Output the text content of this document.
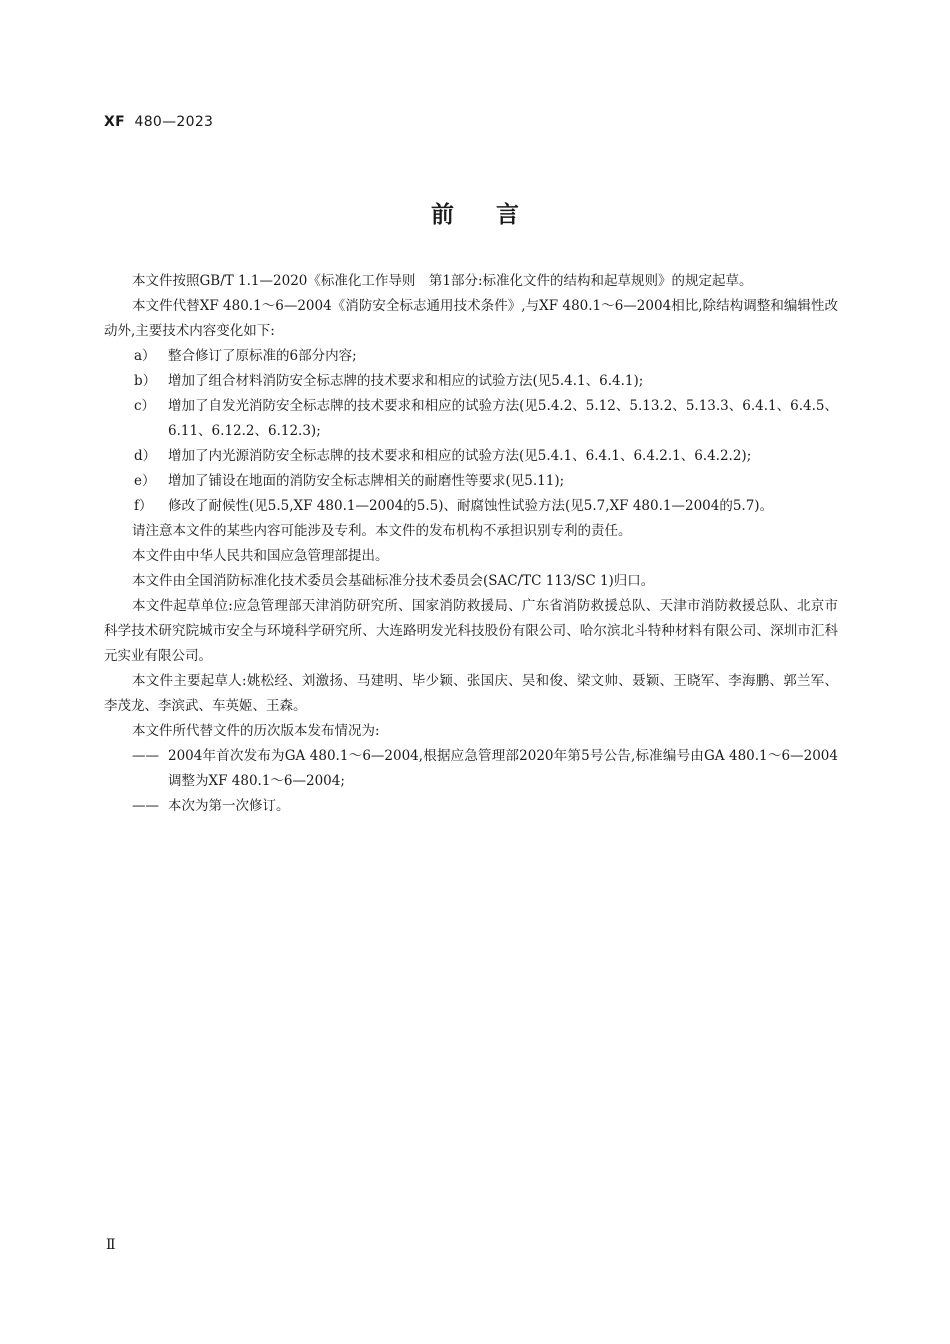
XF 480—2023
前言

本文件按照GB/T 1.1—2020《标准化工作导则　第1部分:标准化文件的结构和起草规则》的规定起草。

本文件代替XF 480.1～6—2004《消防安全标志通用技术条件》,与XF 480.1～6—2004相比,除结构调整和编辑性改动外,主要技术内容变化如下:

a） 整合修订了原标准的6部分内容;
b） 增加了组合材料消防安全标志牌的技术要求和相应的试验方法(见5.4.1、6.4.1);
c） 增加了自发光消防安全标志牌的技术要求和相应的试验方法(见5.4.2、5.12、5.13.2、5.13.3、6.4.1、6.4.5、6.11、6.12.2、6.12.3);
d） 增加了内光源消防安全标志牌的技术要求和相应的试验方法(见5.4.1、6.4.1、6.4.2.1、6.4.2.2);
e） 增加了铺设在地面的消防安全标志牌相关的耐磨性等要求(见5.11);
f）	修改了耐候性(见5.5,XF 480.1—2004的5.5)、耐腐蚀性试验方法(见5.7,XF 480.1—2004的5.7)。

请注意本文件的某些内容可能涉及专利。本文件的发布机构不承担识别专利的责任。

本文件由中华人民共和国应急管理部提出。

本文件由全国消防标准化技术委员会基础标准分技术委员会(SAC/TC 113/SC 1)归口。

本文件起草单位:应急管理部天津消防研究所、国家消防救援局、广东省消防救援总队、天津市消防救援总队、北京市科学技术研究院城市安全与环境科学研究所、大连路明发光科技股份有限公司、哈尔滨北斗特种材料有限公司、深圳市汇科元实业有限公司。

本文件主要起草人:姚松经、刘激扬、马建明、毕少颖、张国庆、吴和俊、梁文帅、聂颖、王晓军、李海鹏、郭兰军、李茂龙、李滨武、车英姬、王森。

本文件所代替文件的历次版本发布情况为:

—— 2004年首次发布为GA 480.1～6—2004,根据应急管理部2020年第5号公告,标准编号由GA 480.1～6—2004调整为XF 480.1～6—2004;
—— 本次为第一次修订。
Ⅱ
